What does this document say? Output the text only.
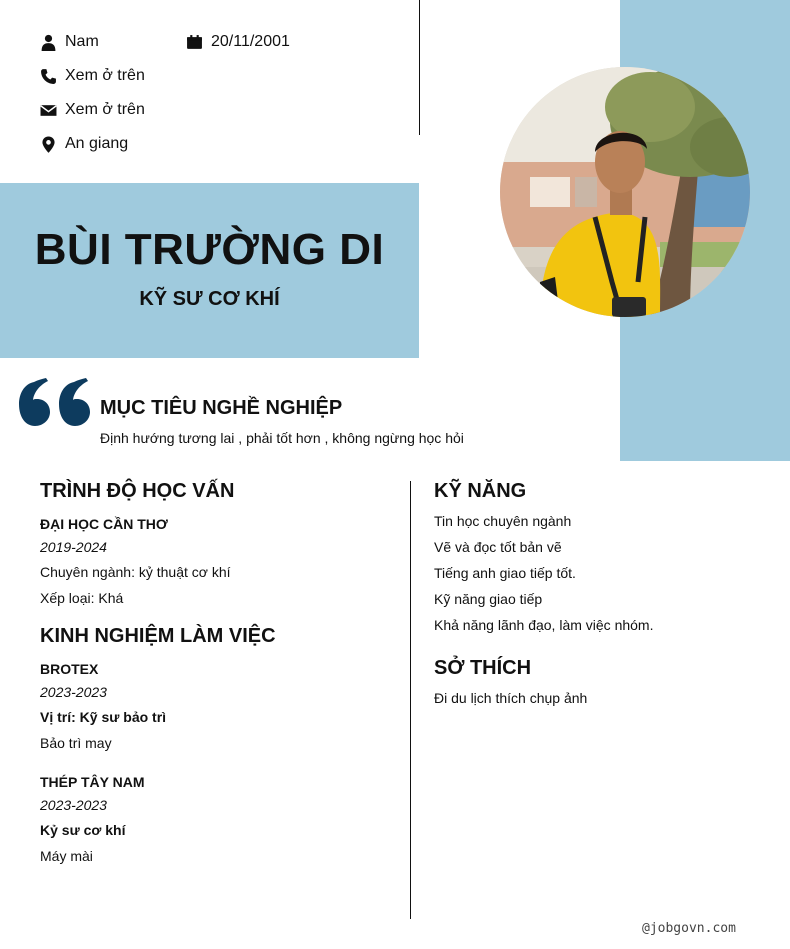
Nam	20/11/2001
Xem ở trên
Xem ở trên
An giang
BÙI TRƯỜNG DI
KỸ SƯ CƠ KHÍ
MỤC TIÊU NGHỀ NGHIỆP
Định hướng tương lai , phải tốt hơn , không ngừng học hỏi
TRÌNH ĐỘ HỌC VẤN
ĐẠI HỌC CẦN THƠ
2019-2024
Chuyên ngành: kỷ thuật cơ khí
Xếp loại: Khá
KINH NGHIỆM LÀM VIỆC
BROTEX
2023-2023
Vị trí: Kỹ sư bảo trì
Bảo trì may
THÉP TÂY NAM
2023-2023
Kỷ sư cơ khí
Máy mài
KỸ NĂNG
Tin học chuyên ngành
Vẽ và đọc tốt bản vẽ
Tiếng anh giao tiếp tốt.
Kỹ năng giao tiếp
Khả năng lãnh đạo, làm việc nhóm.
SỞ THÍCH
Đi du lịch thích chụp ảnh
@jobgovn.com
